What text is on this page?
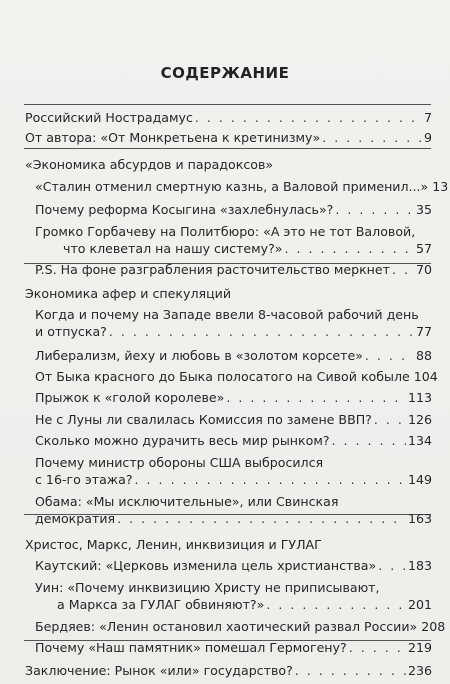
СОДЕРЖАНИЕ
Российский Нострадамус . . .	7
От автора: «От Монкретьена к кретинизму» . . .	9
«Экономика абсурдов и парадоксов»
«Сталин отменил смертную казнь, а Валовой применил...» 13
Почему реформа Косыгина «захлебнулась»? . . .	35
Громко Горбачеву на Политбюро: «А это не тот Валовой,
что клеветал на нашу систему?» . . .	57
P.S. На фоне разграбления расточительство меркнет . . . 70
Экономика афер и спекуляций
Когда и почему на Западе ввели 8-часовой рабочий день
и отпуска? . . .	77
Либерализм, йеху и любовь в «золотом корсете» . . .	88
От Быка красного до Быка полосатого на Сивой кобыле 104
Прыжок к «голой королеве» . . .	113
Не с Луны ли свалилась Комиссия по замене ВВП? . . .	126
Сколько можно дурачить весь мир рынком? . . .	134
Почему министр обороны США выбросился
с 16-го этажа? . . .	149
Обама: «Мы исключительные», или Свинская
демократия . . .	163
Христос, Маркс, Ленин, инквизиция и ГУЛАГ
Каутский: «Церковь изменила цель христианства» . . .	183
Уин: «Почему инквизицию Христу не приписывают,
а Маркса за ГУЛАГ обвиняют?» . . .	201
Бердяев: «Ленин остановил хаотический развал России» 208
Почему «Наш памятник» помешал Гермогену? . . .	219
Заключение: Рынок «или» государство? . . .	236
